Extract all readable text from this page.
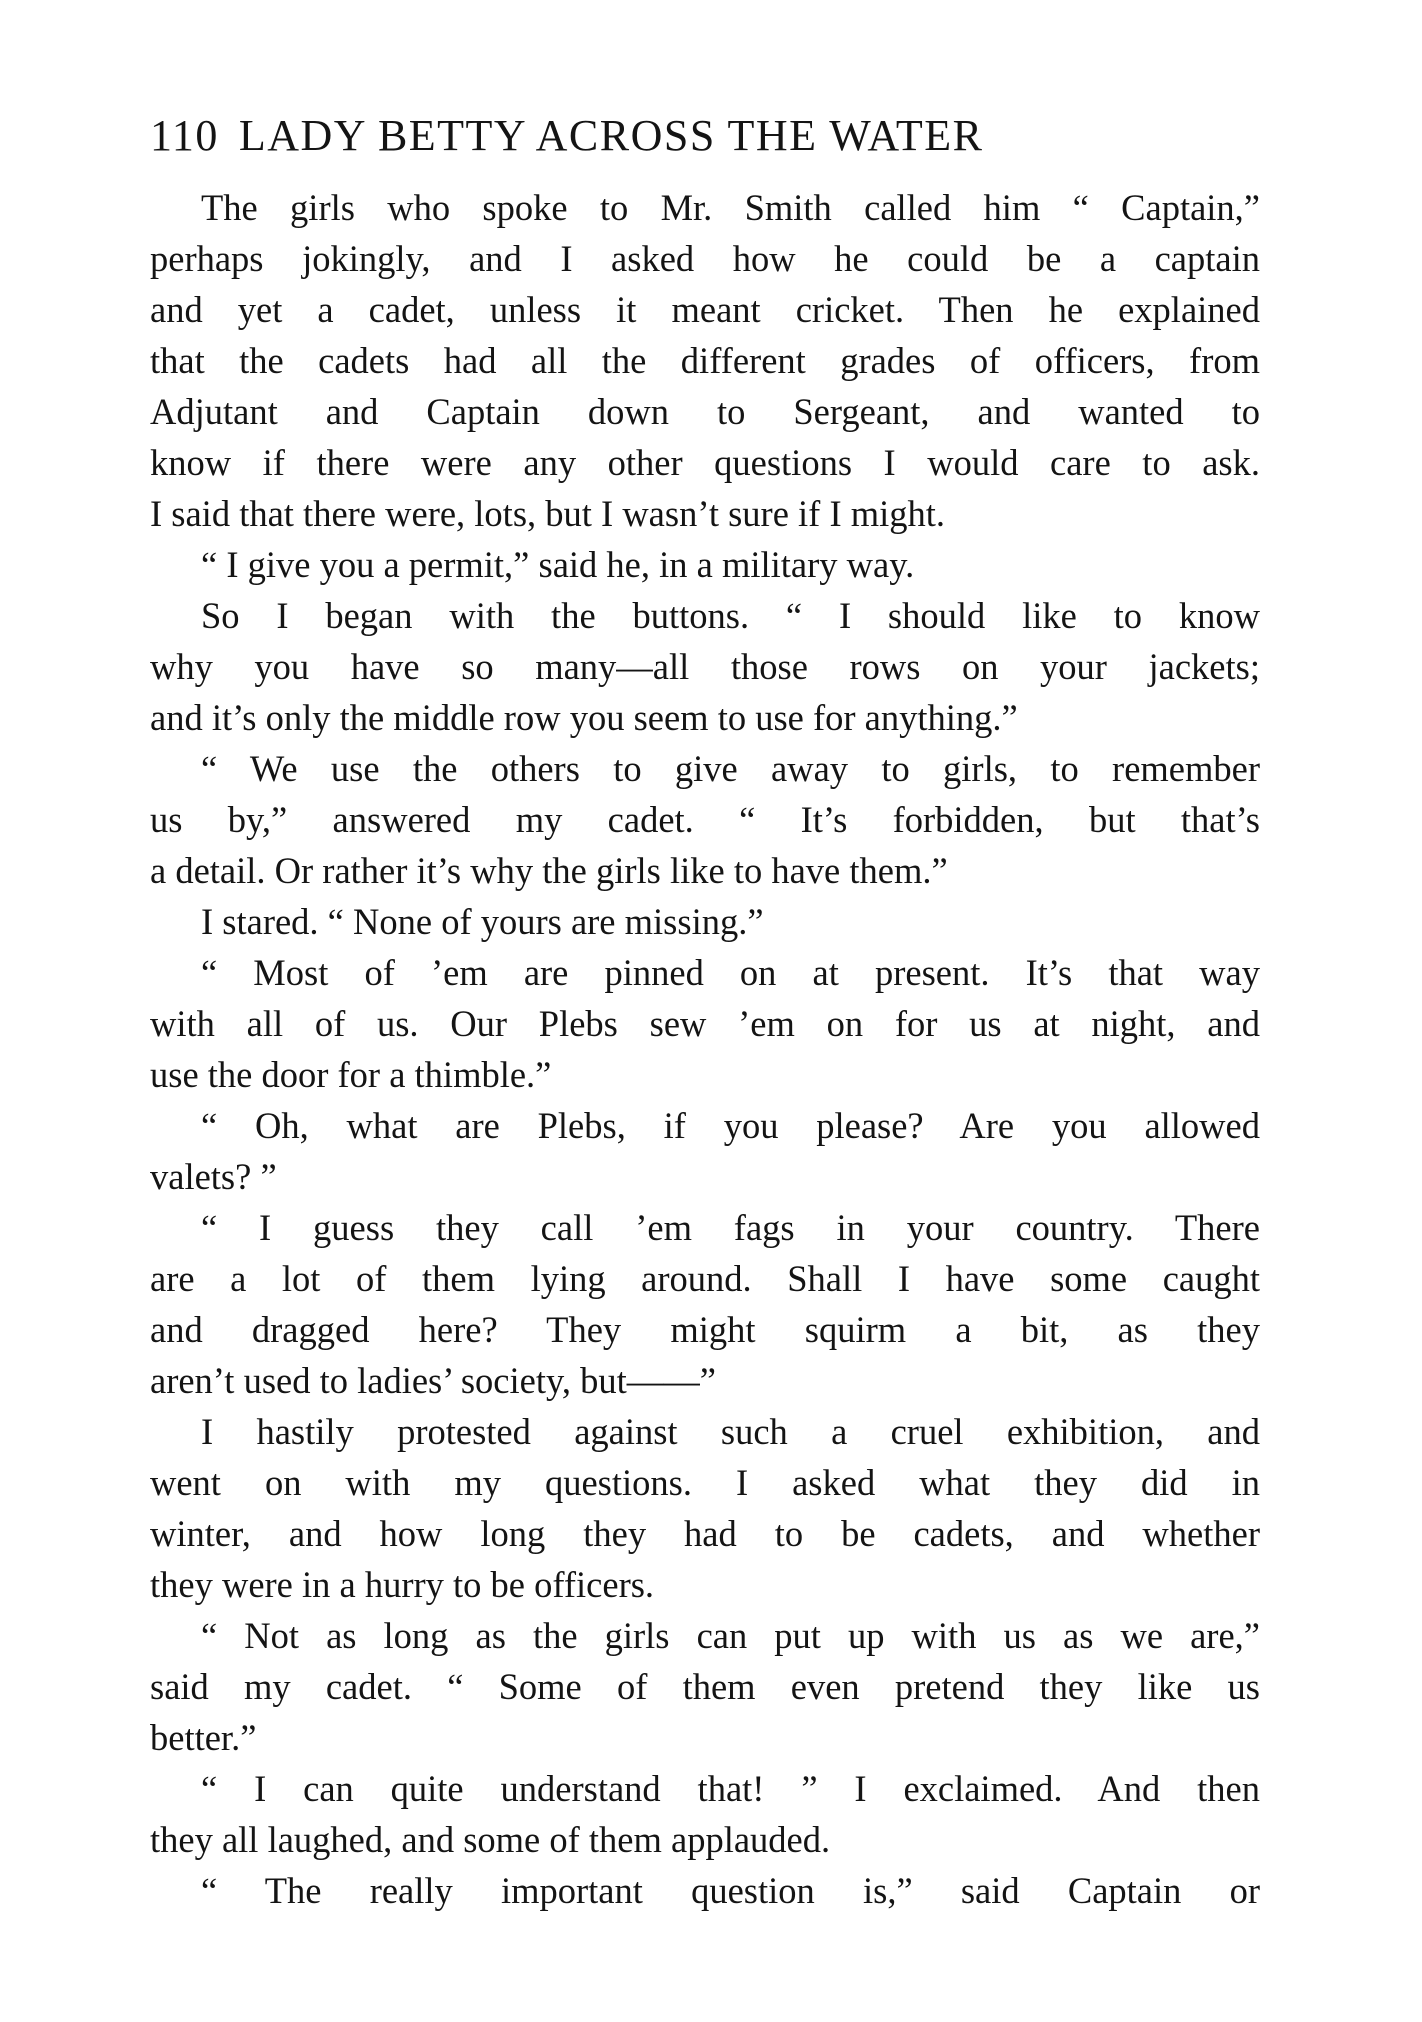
110 LADY BETTY ACROSS THE WATER
The girls who spoke to Mr. Smith called him “ Captain,”
perhaps jokingly, and I asked how he could be a captain
and yet a cadet, unless it meant cricket. Then he explained
that the cadets had all the different grades of officers, from
Adjutant and Captain down to Sergeant, and wanted to
know if there were any other questions I would care to ask.
I said that there were, lots, but I wasn’t sure if I might.
“ I give you a permit,” said he, in a military way.
So I began with the buttons. “ I should like to know
why you have so many—all those rows on your jackets;
and it’s only the middle row you seem to use for anything.”
“ We use the others to give away to girls, to remember
us by,” answered my cadet. “ It’s forbidden, but that’s
a detail. Or rather it’s why the girls like to have them.”
I stared. “ None of yours are missing.”
“ Most of ’em are pinned on at present. It’s that way
with all of us. Our Plebs sew ’em on for us at night, and
use the door for a thimble.”
“ Oh, what are Plebs, if you please? Are you allowed
valets? ”
“ I guess they call ’em fags in your country. There
are a lot of them lying around. Shall I have some caught
and dragged here? They might squirm a bit, as they
aren’t used to ladies’ society, but——”
I hastily protested against such a cruel exhibition, and
went on with my questions. I asked what they did in
winter, and how long they had to be cadets, and whether
they were in a hurry to be officers.
“ Not as long as the girls can put up with us as we are,”
said my cadet. “ Some of them even pretend they like us
better.”
“ I can quite understand that! ” I exclaimed. And then
they all laughed, and some of them applauded.
“ The really important question is,” said Captain or
